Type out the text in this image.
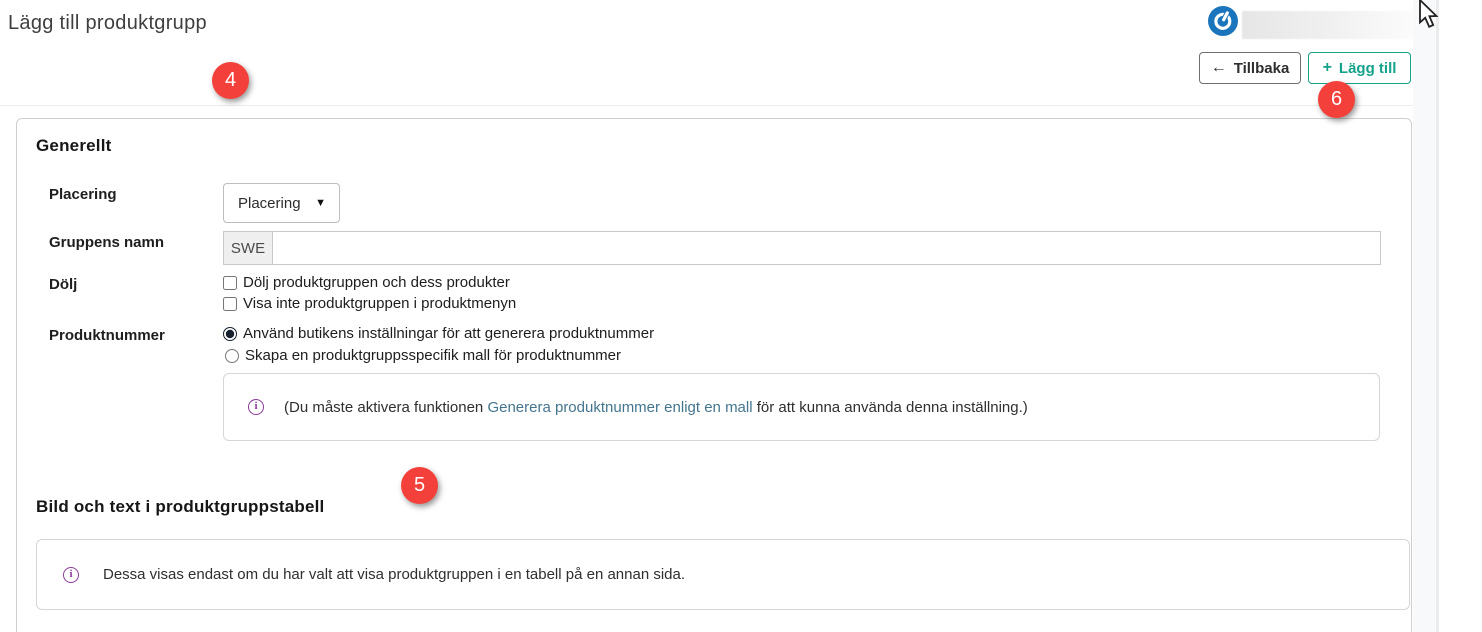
Lägg till produktgrupp
← Tillbaka + Lägg till
4
5
6
Generellt
Placering	Placering ▼
Gruppens namn	SWE
Dölj	Dölj produktgruppen och dess produkter
Visa inte produktgruppen i produktmenyn
Produktnummer	Använd butikens inställningar för att generera produktnummer
Skapa en produktgruppsspecifik mall för produktnummer
i	(Du måste aktivera funktionen Generera produktnummer enligt en mall för att kunna använda denna inställning.)
Bild och text i produktgruppstabell
i	Dessa visas endast om du har valt att visa produktgruppen i en tabell på en annan sida.
